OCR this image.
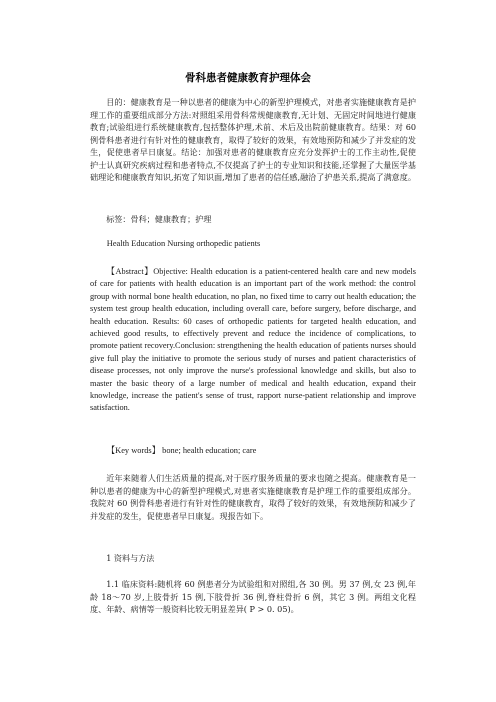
骨科患者健康教育护理体会
目的：健康教育是一种以患者的健康为中心的新型护理模式，对患者实施健康教育是护理工作的重要组成部分方法:对照组采用骨科常规健康教育,无计划、无固定时间地进行健康教育;试验组进行系统健康教育,包括整体护理,术前、术后及出院前健康教育。结果：对 60 例骨科患者进行有针对性的健康教育，取得了较好的效果，有效地预防和减少了并发症的发生，促使患者早日康复。结论：加强对患者的健康教育应充分发挥护士的工作主动性,促使护士认真研究疾病过程和患者特点,不仅提高了护士的专业知识和技能,还掌握了大量医学基础理论和健康教育知识,拓宽了知识面,增加了患者的信任感,融洽了护患关系,提高了满意度。
标签：骨科；健康教育；护理
Health Education Nursing orthopedic patients
【Abstract】Objective: Health education is a patient-centered health care and new models of care for patients with health education is an important part of the work method: the control group with normal bone health education, no plan, no fixed time to carry out health education; the system test group health education, including overall care, before surgery, before discharge, and health education. Results: 60 cases of orthopedic patients for targeted health education, and achieved good results, to effectively prevent and reduce the incidence of complications, to promote patient recovery.Conclusion: strengthening the health education of patients nurses should give full play the initiative to promote the serious study of nurses and patient characteristics of disease processes, not only improve the nurse's professional knowledge and skills, but also to master the basic theory of a large number of medical and health education, expand their knowledge, increase the patient's sense of trust, rapport nurse-patient relationship and improve satisfaction.
【Key words】 bone; health education; care
近年来随着人们生活质量的提高,对于医疗服务质量的要求也随之提高。健康教育是一种以患者的健康为中心的新型护理模式,对患者实施健康教育是护理工作的重要组成部分。我院对 60 例骨科患者进行有针对性的健康教育，取得了较好的效果，有效地预防和减少了并发症的发生，促使患者早日康复。现报告如下。
1 资料与方法
1.1 临床资料:随机将 60 例患者分为试验组和对照组,各 30 例。男 37 例,女 23 例,年龄 18～70 岁,上肢骨折 15 例,下肢骨折 36 例,脊柱骨折 6 例，其它 3 例。两组文化程度、年龄、病情等一般资料比较无明显差异( P > 0. 05)。
